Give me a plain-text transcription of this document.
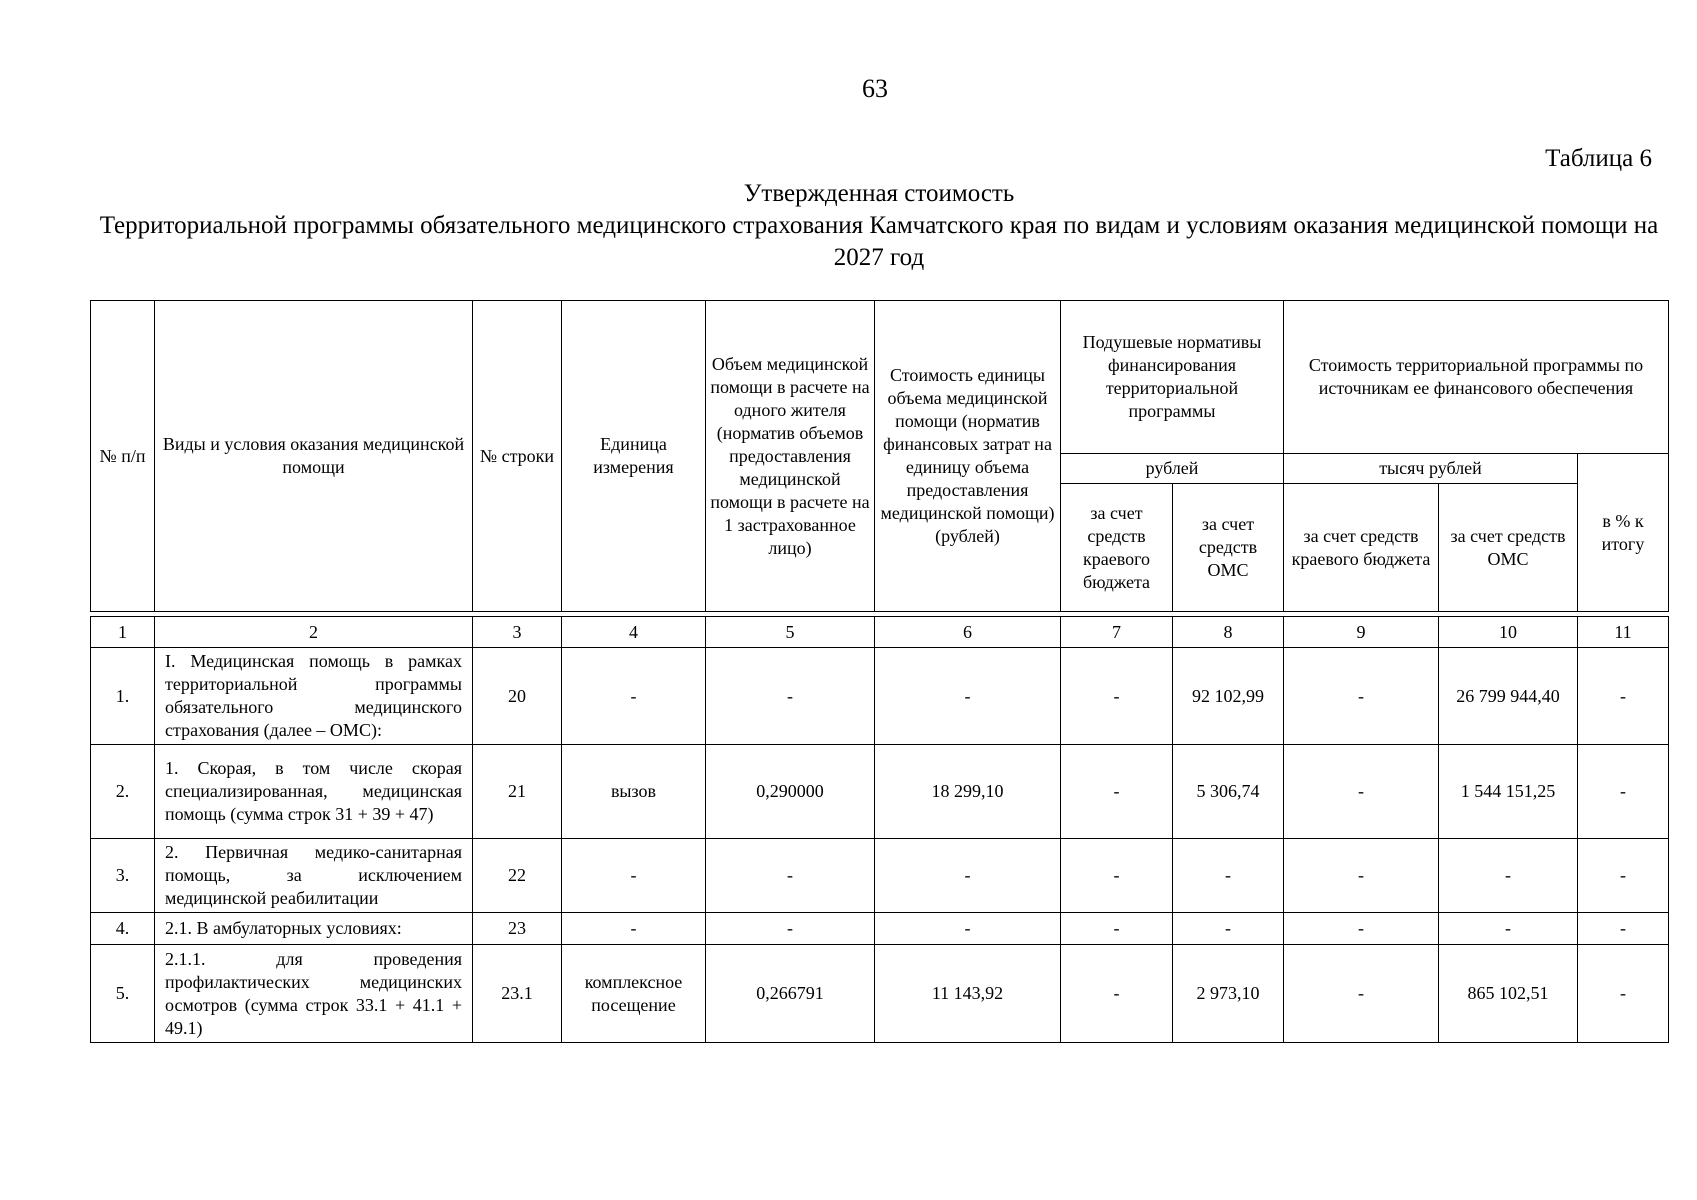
63
Таблица 6
Утвержденная стоимость
Территориальной программы обязательного медицинского страхования Камчатского края по видам и условиям оказания медицинской помощи на 2027 год
№ п/п	Виды и условия оказания медицинской помощи	№ строки	Единица измерения	Объем медицинской помощи в расчете на одного жителя (норматив объемов предоставления медицинской помощи в расчете на 1 застрахованное лицо)	Стоимость единицы объема медицинской помощи (норматив финансовых затрат на единицу объема предоставления медицинской помощи) (рублей)	Подушевые нормативы финансирования территориальной программы		Стоимость территориальной программы по источникам ее финансового обеспечения		
						рублей		тысяч рублей		в % к итогу
						за счет средств краевого бюджета	за счет средств ОМС	за счет средств краевого бюджета	за счет средств ОМС	

1	2	3	4	5	6	7	8	9	10	11
1.	I. Медицинская помощь в рамках территориальной программы обязательного медицинского страхования (далее – ОМС):	20	-	-	-	-	92 102,99	-	26 799 944,40	-
2.	1. Скорая, в том числе скорая специализированная, медицинская помощь (сумма строк 31 + 39 + 47)	21	вызов	0,290000	18 299,10	-	5 306,74	-	1 544 151,25	-
3.	2. Первичная медико-санитарная помощь, за исключением медицинской реабилитации	22	-	-	-	-	-	-	-	-
4.	2.1. В амбулаторных условиях:	23	-	-	-	-	-	-	-	-
5.	2.1.1. для проведения профилактических медицинских осмотров (сумма строк 33.1 + 41.1 + 49.1)	23.1	комплексное посещение	0,266791	11 143,92	-	2 973,10	-	865 102,51	-
